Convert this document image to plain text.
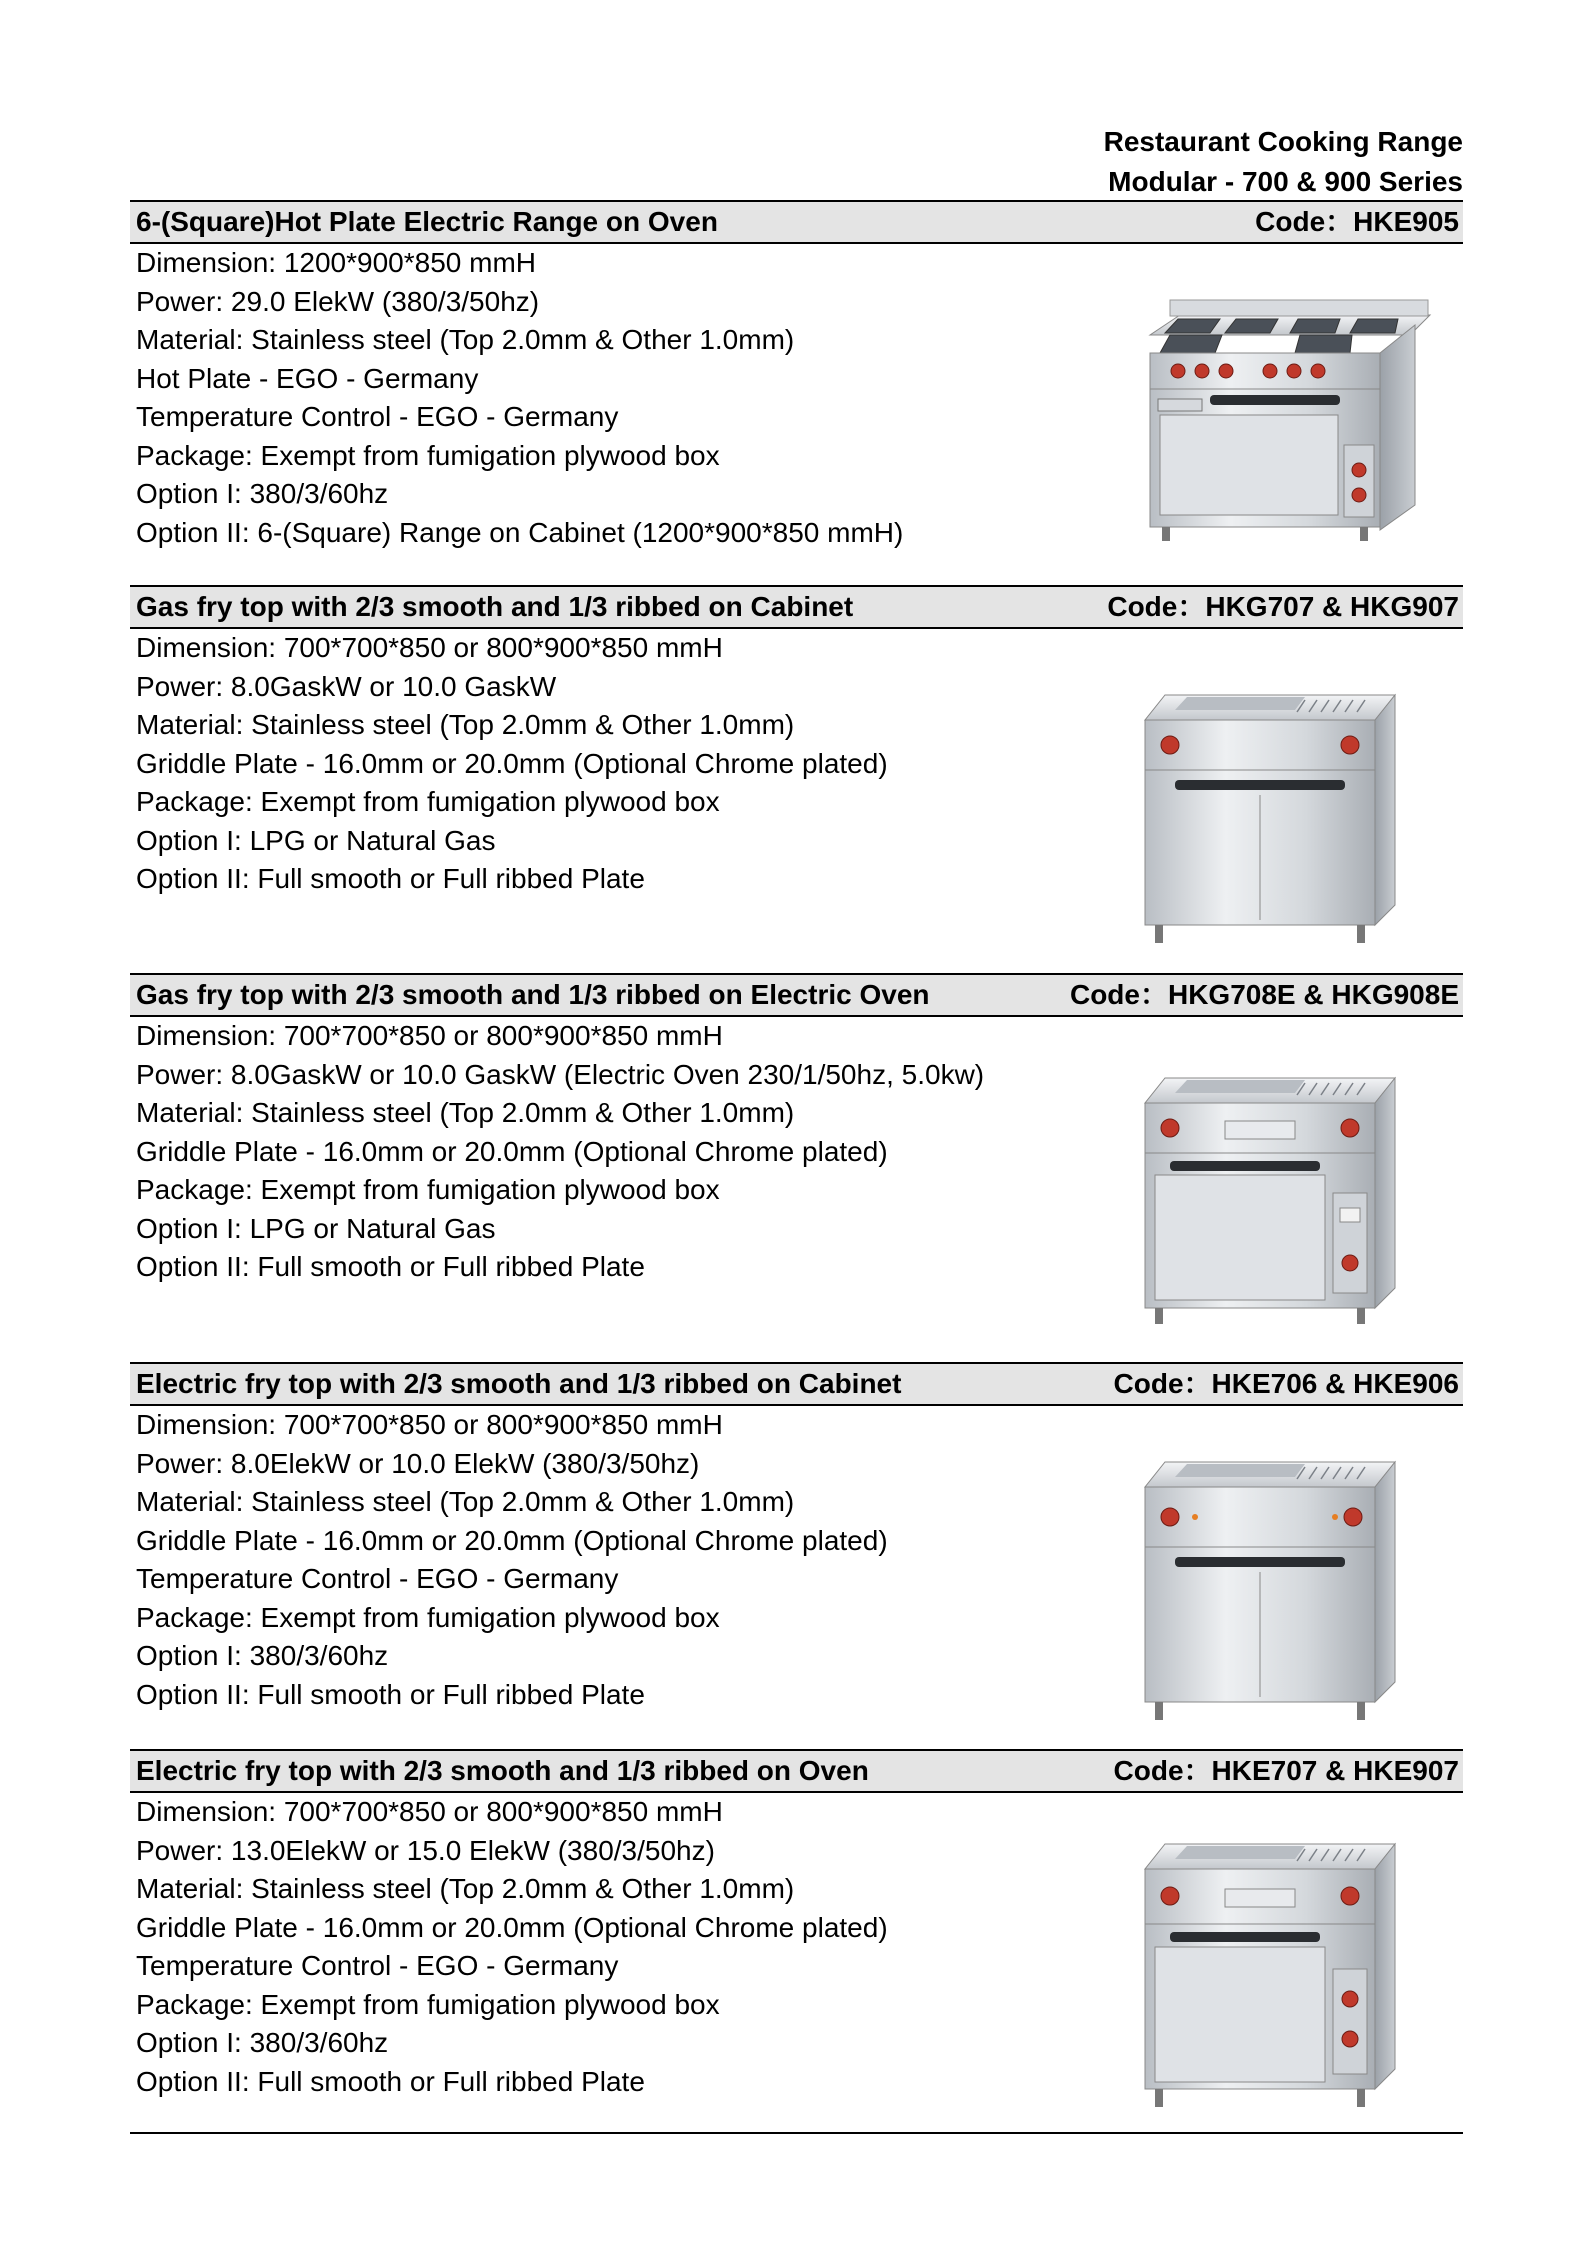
Restaurant Cooking Range
Modular - 700 & 900 Series
6-(Square)Hot Plate Electric Range on Oven	Code：HKE905
Dimension: 1200*900*850 mmH
Power: 29.0 ElekW (380/3/50hz)
Material: Stainless steel (Top 2.0mm & Other 1.0mm)
Hot Plate - EGO - Germany
Temperature Control - EGO - Germany
Package: Exempt from fumigation plywood box
Option I: 380/3/60hz
Option II: 6-(Square) Range on Cabinet (1200*900*850 mmH)
Gas fry top with 2/3 smooth and 1/3 ribbed on Cabinet	Code：HKG707 & HKG907
Dimension: 700*700*850 or 800*900*850 mmH
Power: 8.0GaskW or 10.0 GaskW
Material: Stainless steel (Top 2.0mm & Other 1.0mm)
Griddle Plate - 16.0mm or 20.0mm (Optional Chrome plated)
Package: Exempt from fumigation plywood box
Option I: LPG or Natural Gas
Option II: Full smooth or Full ribbed Plate
Gas fry top with 2/3 smooth and 1/3 ribbed on Electric Oven	Code：HKG708E & HKG908E
Dimension: 700*700*850 or 800*900*850 mmH
Power: 8.0GaskW or 10.0 GaskW (Electric Oven 230/1/50hz, 5.0kw)
Material: Stainless steel (Top 2.0mm & Other 1.0mm)
Griddle Plate - 16.0mm or 20.0mm (Optional Chrome plated)
Package: Exempt from fumigation plywood box
Option I: LPG or Natural Gas
Option II: Full smooth or Full ribbed Plate
Electric fry top with 2/3 smooth and 1/3 ribbed on Cabinet	Code：HKE706 & HKE906
Dimension: 700*700*850 or 800*900*850 mmH
Power: 8.0ElekW or 10.0 ElekW (380/3/50hz)
Material: Stainless steel (Top 2.0mm & Other 1.0mm)
Griddle Plate - 16.0mm or 20.0mm (Optional Chrome plated)
Temperature Control - EGO - Germany
Package: Exempt from fumigation plywood box
Option I: 380/3/60hz
Option II: Full smooth or Full ribbed Plate
Electric fry top with 2/3 smooth and 1/3 ribbed on Oven	Code：HKE707 & HKE907
Dimension: 700*700*850 or 800*900*850 mmH
Power: 13.0ElekW or 15.0 ElekW (380/3/50hz)
Material: Stainless steel (Top 2.0mm & Other 1.0mm)
Griddle Plate - 16.0mm or 20.0mm (Optional Chrome plated)
Temperature Control - EGO - Germany
Package: Exempt from fumigation plywood box
Option I: 380/3/60hz
Option II: Full smooth or Full ribbed Plate
